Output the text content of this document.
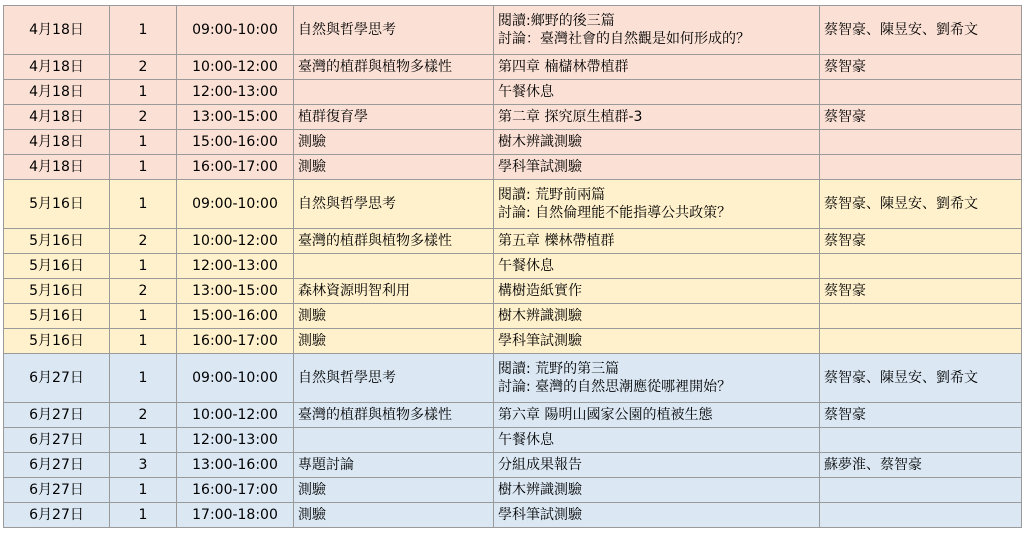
4月18日	1	09:00-10:00	自然與哲學思考	閱讀:鄉野的後三篇
討論：臺灣社會的自然觀是如何形成的？	蔡智豪、陳昱安、劉希文
4月18日	2	10:00-12:00	臺灣的植群與植物多樣性	第四章 楠櫧林帶植群	蔡智豪
4月18日	1	12:00-13:00		午餐休息	

4月18日	2	13:00-15:00	植群復育學	第二章 探究原生植群-3	蔡智豪
4月18日	1	15:00-16:00	測驗	樹木辨識測驗	

4月18日	1	16:00-17:00	測驗	學科筆試測驗	

5月16日	1	09:00-10:00	自然與哲學思考	閱讀: 荒野前兩篇
討論: 自然倫理能不能指導公共政策？	蔡智豪、陳昱安、劉希文
5月16日	2	10:00-12:00	臺灣的植群與植物多樣性	第五章 櫟林帶植群	蔡智豪
5月16日	1	12:00-13:00		午餐休息	

5月16日	2	13:00-15:00	森林資源明智利用	構樹造紙實作	蔡智豪
5月16日	1	15:00-16:00	測驗	樹木辨識測驗	

5月16日	1	16:00-17:00	測驗	學科筆試測驗	

6月27日	1	09:00-10:00	自然與哲學思考	閱讀: 荒野的第三篇
討論: 臺灣的自然思潮應從哪裡開始？	蔡智豪、陳昱安、劉希文
6月27日	2	10:00-12:00	臺灣的植群與植物多樣性	第六章 陽明山國家公園的植被生態	蔡智豪
6月27日	1	12:00-13:00		午餐休息	

6月27日	3	13:00-16:00	專題討論	分組成果報告	蘇夢淮、蔡智豪
6月27日	1	16:00-17:00	測驗	樹木辨識測驗	

6月27日	1	17:00-18:00	測驗	學科筆試測驗	
